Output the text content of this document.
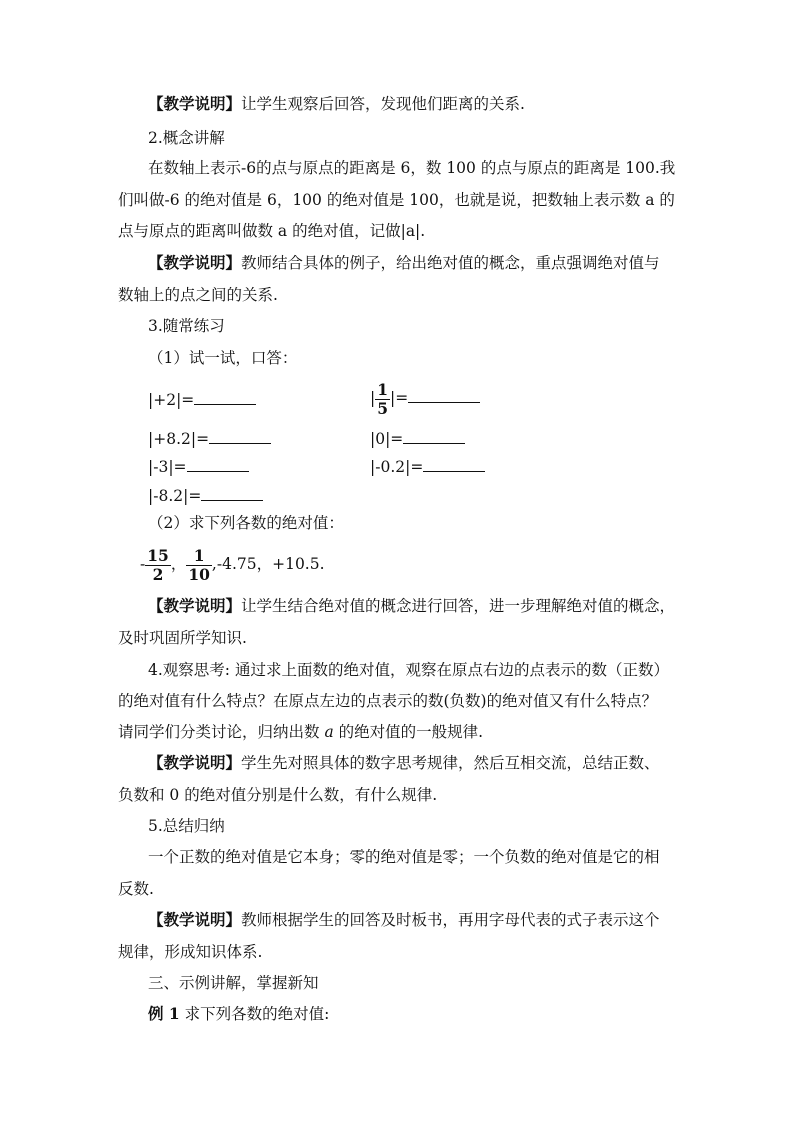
【教学说明】让学生观察后回答，发现他们距离的关系.
2.概念讲解
在数轴上表示-6的点与原点的距离是 6，数 100 的点与原点的距离是 100.我
们叫做-6 的绝对值是 6，100 的绝对值是 100，也就是说，把数轴上表示数 a 的
点与原点的距离叫做数 a 的绝对值，记做|a|.
【教学说明】教师结合具体的例子，给出绝对值的概念，重点强调绝对值与
数轴上的点之间的关系.
3.随常练习
（1）试一试，口答：
|+2|=	| $\frac{1}{5}$ |=
|+8.2|=	|0|=
|-3|=	|-0.2|=
|-8.2|=
（2）求下列各数的绝对值：
- $\frac{15}{2}$ ， $\frac{1}{10} ,-4.75$，+10.5.
【教学说明】让学生结合绝对值的概念进行回答，进一步理解绝对值的概念，
及时巩固所学知识.
4.观察思考: 通过求上面数的绝对值，观察在原点右边的点表示的数（正数）
的绝对值有什么特点？在原点左边的点表示的数(负数)的绝对值又有什么特点？
请同学们分类讨论，归纳出数 a 的绝对值的一般规律.
【教学说明】学生先对照具体的数字思考规律，然后互相交流，总结正数、
负数和 0 的绝对值分别是什么数，有什么规律.
5.总结归纳
一个正数的绝对值是它本身；零的绝对值是零；一个负数的绝对值是它的相
反数.
【教学说明】教师根据学生的回答及时板书，再用字母代表的式子表示这个
规律，形成知识体系.
三、示例讲解，掌握新知
例 1 求下列各数的绝对值:
